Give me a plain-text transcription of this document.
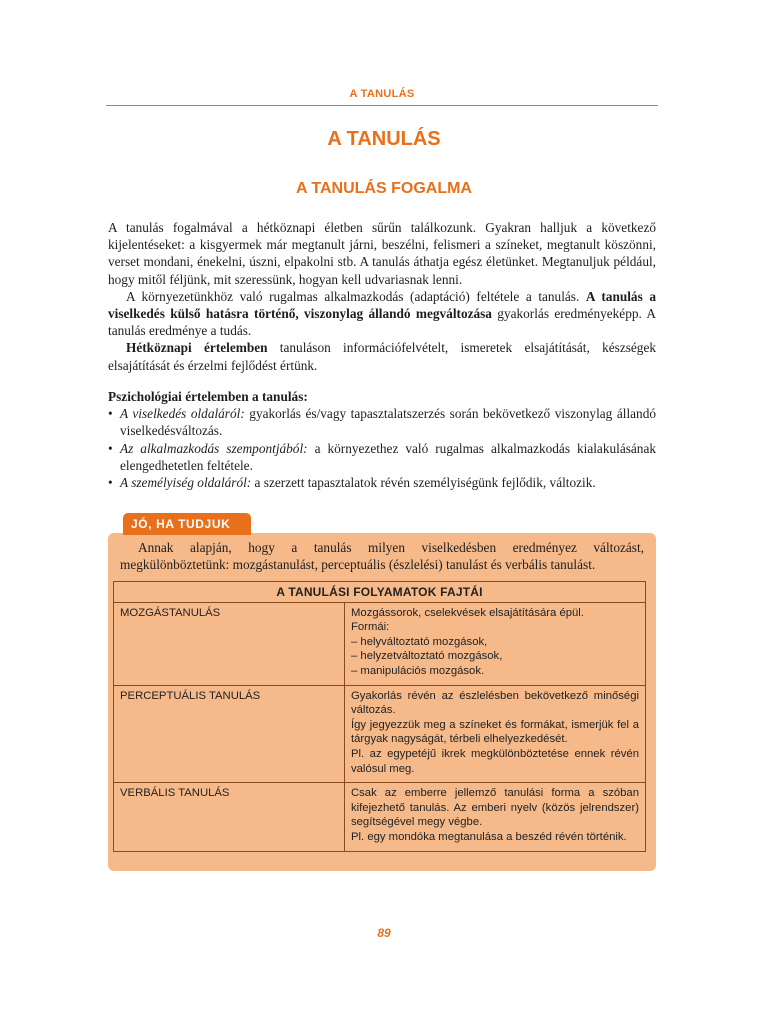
A TANULÁS
A TANULÁS
A TANULÁS FOGALMA

A tanulás fogalmával a hétköznapi életben sűrűn találkozunk. Gyakran halljuk a következő kijelentéseket: a kisgyermek már megtanult járni, beszélni, felismeri a színeket, megtanult köszönni, verset mondani, énekelni, úszni, elpakolni stb. A tanulás áthatja egész életünket. Megtanuljuk például, hogy mitől féljünk, mit szeressünk, hogyan kell udvariasnak lenni.

A környezetünkhöz való rugalmas alkalmazkodás (adaptáció) feltétele a tanulás. A tanulás a viselkedés külső hatásra történő, viszonylag állandó megváltozása gyakorlás eredményeképp. A tanulás eredménye a tudás.

Hétköznapi értelemben tanuláson információfelvételt, ismeretek elsajátítását, készségek elsajátítását és érzelmi fejlődést értünk.

Pszichológiai értelemben a tanulás:

• A viselkedés oldaláról: gyakorlás és/vagy tapasztalatszerzés során bekövetkező viszonylag állandó viselkedésváltozás.
• Az alkalmazkodás szempontjából: a környezethez való rugalmas alkalmazkodás kialakulásának elengedhetetlen feltétele.
• A személyiség oldaláról: a szerzett tapasztalatok révén személyiségünk fejlődik, változik.
JÓ, HA TUDJUK

Annak alapján, hogy a tanulás milyen viselkedésben eredményez változást, megkülönböztetünk: mozgástanulást, perceptuális (észlelési) tanulást és verbális tanulást.

A TANULÁSI FOLYAMATOK FAJTÁI	
MOZGÁSTANULÁS	Mozgássorok, cselekvések elsajátítására épül.
Formái:
– helyváltoztató mozgások,
– helyzetváltoztató mozgások,
– manipulációs mozgások.

PERCEPTUÁLIS TANULÁS	Gyakorlás révén az észlelésben bekövetkező minőségi változás.
Így jegyezzük meg a színeket és formákat, ismerjük fel a tárgyak nagyságát, térbeli elhelyezkedését.
Pl. az egypetéjű ikrek megkülönböztetése ennek révén valósul meg.

VERBÁLIS TANULÁS	Csak az emberre jellemző tanulási forma a szóban kifejezhető tanulás. Az emberi nyelv (közös jelrendszer) segítségével megy végbe.
Pl. egy mondóka megtanulása a beszéd révén történik.
89
